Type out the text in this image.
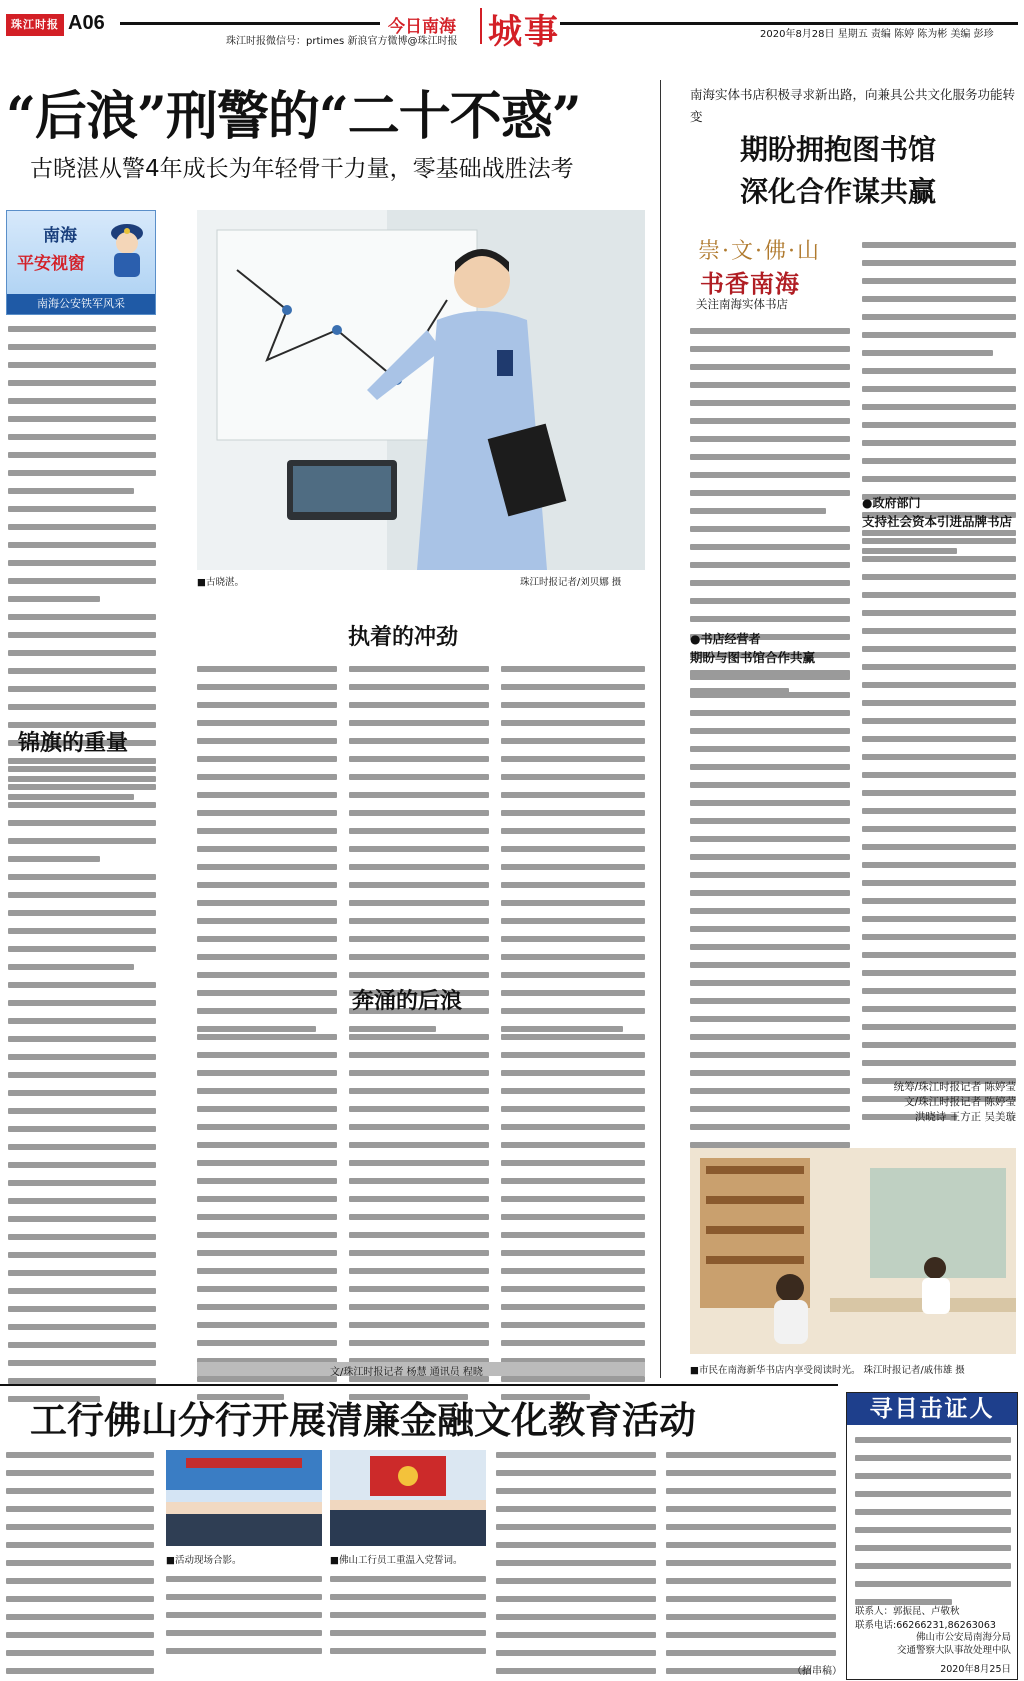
珠江时报 A06
珠江时报微信号：prtimes 新浪官方微博@珠江时报
今日南海 城事	2020年8月28日 星期五 责编 陈婷 陈为彬 美编 彭珍
“后浪”刑警的“二十不惑”
古晓湛从警4年成长为年轻骨干力量，零基础战胜法考
南海
平安视窗
南海公安铁军风采
锦旗的重量
■古晓湛。	珠江时报记者/刘贝娜 摄
执着的冲劲
奔涌的后浪
文/珠江时报记者 杨慧 通讯员 程晓
南海实体书店积极寻求新出路，向兼具公共文化服务功能转变
期盼拥抱图书馆
深化合作谋共赢
崇·文·佛·山
书香南海
关注南海实体书店
●书店经营者
期盼与图书馆合作共赢
●政府部门
支持社会资本引进品牌书店
统筹/珠江时报记者 陈婷莹
文/珠江时报记者 陈婷莹
洪晓诗 王方正 吴美璇
■市民在南海新华书店内享受阅读时光。 珠江时报记者/戚伟雄 摄
工行佛山分行开展清廉金融文化教育活动
■活动现场合影。	■佛山工行员工重温入党誓词。
（招串稿）
寻目击证人
联系人：郭振昆、卢敬秋
联系电话:66266231,86263063
佛山市公安局南海分局
交通警察大队事故处理中队
2020年8月25日
